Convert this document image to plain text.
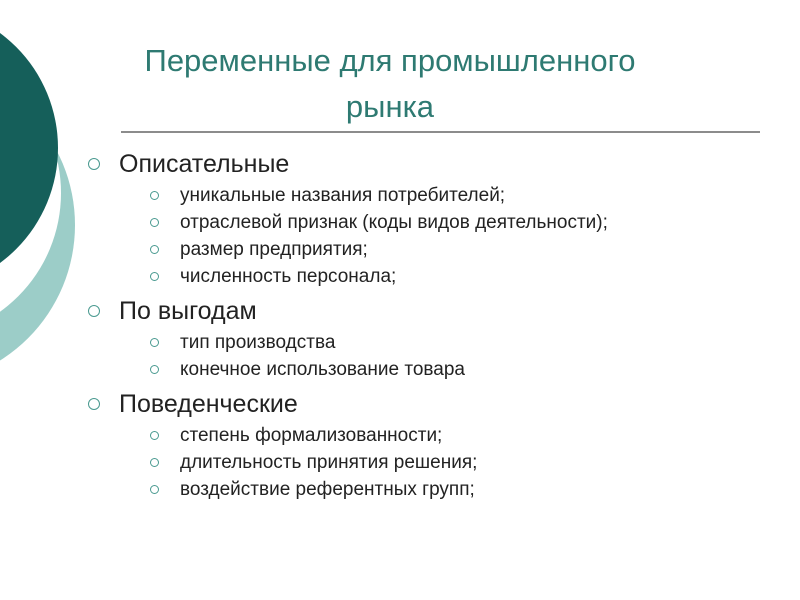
Переменные для промышленного
рынка
Описательные
уникальные названия потребителей;
отраслевой признак (коды видов деятельности);
размер предприятия;
численность персонала;
По выгодам
тип производства
конечное использование товара
Поведенческие
степень формализованности;
длительность принятия решения;
воздействие референтных групп;
